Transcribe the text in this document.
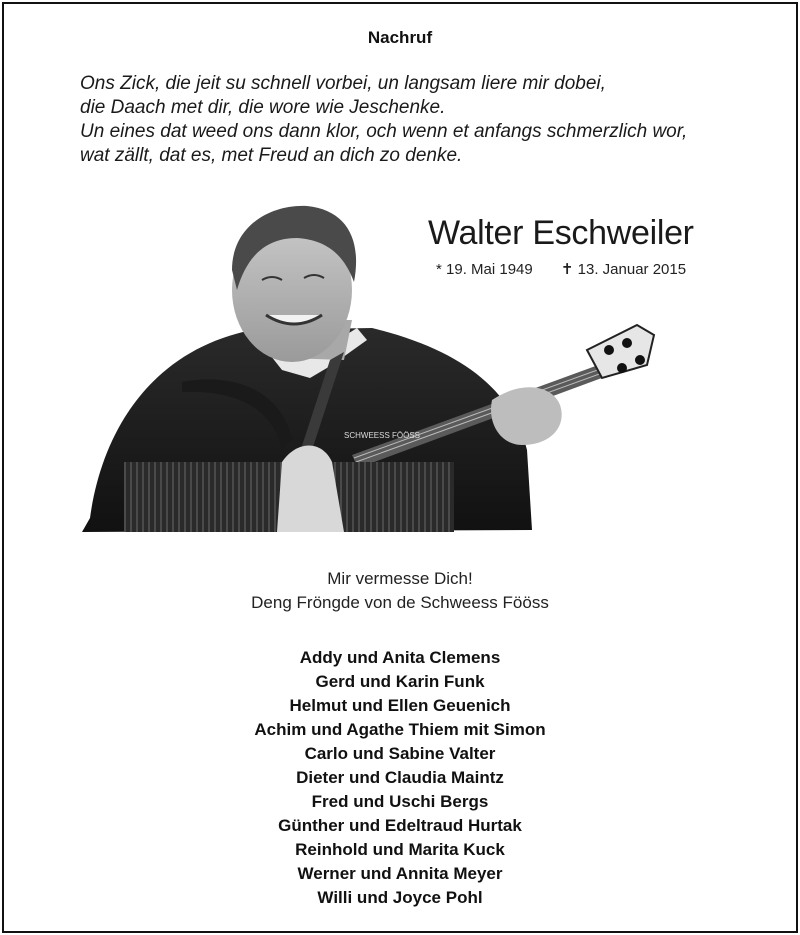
Nachruf
Ons Zick, die jeit su schnell vorbei, un langsam liere mir dobei,
die Daach met dir, die wore wie Jeschenke.
Un eines dat weed ons dann klor, och wenn et anfangs schmerzlich wor,
wat zällt, dat es, met Freud an dich zo denke.
SCHWEESS FÖÖSS
Walter Eschweiler
* 19. Mai 1949 ✝ 13. Januar 2015
Mir vermesse Dich!
Deng Fröngde von de Schweess Fööss
Addy und Anita Clemens
Gerd und Karin Funk
Helmut und Ellen Geuenich
Achim und Agathe Thiem mit Simon
Carlo und Sabine Valter
Dieter und Claudia Maintz
Fred und Uschi Bergs
Günther und Edeltraud Hurtak
Reinhold und Marita Kuck
Werner und Annita Meyer
Willi und Joyce Pohl
